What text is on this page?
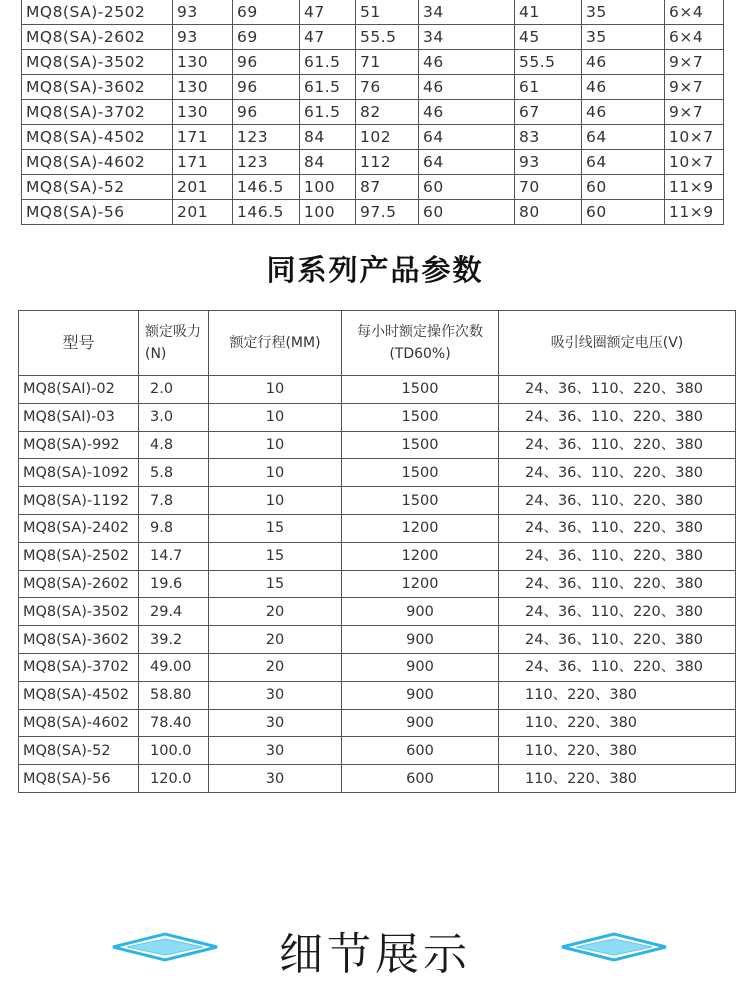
MQ8(SA)-2502	93	69	47	51	34	41	35	6×4
MQ8(SA)-2602	93	69	47	55.5	34	45	35	6×4
MQ8(SA)-3502	130	96	61.5	71	46	55.5	46	9×7
MQ8(SA)-3602	130	96	61.5	76	46	61	46	9×7
MQ8(SA)-3702	130	96	61.5	82	46	67	46	9×7
MQ8(SA)-4502	171	123	84	102	64	83	64	10×7
MQ8(SA)-4602	171	123	84	112	64	93	64	10×7
MQ8(SA)-52	201	146.5	100	87	60	70	60	11×9
MQ8(SA)-56	201	146.5	100	97.5	60	80	60	11×9
同系列产品参数
型号	额定吸力(N)	额定行程(MM)	每小时额定操作次数(TD60%)	吸引线圈额定电压(V)
MQ8(SAI)-02	2.0	10	1500	24、36、110、220、380
MQ8(SAI)-03	3.0	10	1500	24、36、110、220、380
MQ8(SA)-992	4.8	10	1500	24、36、110、220、380
MQ8(SA)-1092	5.8	10	1500	24、36、110、220、380
MQ8(SA)-1192	7.8	10	1500	24、36、110、220、380
MQ8(SA)-2402	9.8	15	1200	24、36、110、220、380
MQ8(SA)-2502	14.7	15	1200	24、36、110、220、380
MQ8(SA)-2602	19.6	15	1200	24、36、110、220、380
MQ8(SA)-3502	29.4	20	900	24、36、110、220、380
MQ8(SA)-3602	39.2	20	900	24、36、110、220、380
MQ8(SA)-3702	49.00	20	900	24、36、110、220、380
MQ8(SA)-4502	58.80	30	900	110、220、380
MQ8(SA)-4602	78.40	30	900	110、220、380
MQ8(SA)-52	100.0	30	600	110、220、380
MQ8(SA)-56	120.0	30	600	110、220、380
细节展示
